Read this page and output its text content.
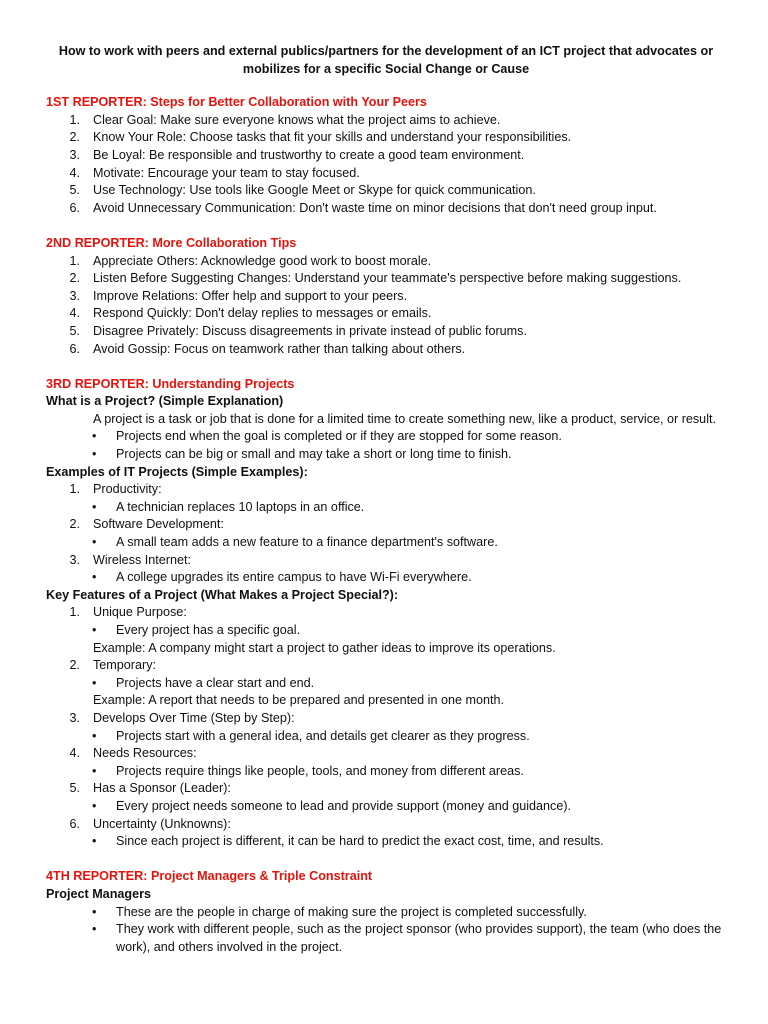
How to work with peers and external publics/partners for the development of an ICT project that advocates or mobilizes for a specific Social Change or Cause
1ST REPORTER: Steps for Better Collaboration with Your Peers
1.	Clear Goal: Make sure everyone knows what the project aims to achieve.
2.	Know Your Role: Choose tasks that fit your skills and understand your responsibilities.
3.	Be Loyal: Be responsible and trustworthy to create a good team environment.
4.	Motivate: Encourage your team to stay focused.
5.	Use Technology: Use tools like Google Meet or Skype for quick communication.
6.	Avoid Unnecessary Communication: Don't waste time on minor decisions that don't need group input.
2ND REPORTER: More Collaboration Tips
1.	Appreciate Others: Acknowledge good work to boost morale.
2.	Listen Before Suggesting Changes: Understand your teammate's perspective before making suggestions.
3.	Improve Relations: Offer help and support to your peers.
4.	Respond Quickly: Don't delay replies to messages or emails.
5.	Disagree Privately: Discuss disagreements in private instead of public forums.
6.	Avoid Gossip: Focus on teamwork rather than talking about others.
3RD REPORTER: Understanding Projects
What is a Project? (Simple Explanation)

A project is a task or job that is done for a limited time to create something new, like a product, service, or result.

•	Projects end when the goal is completed or if they are stopped for some reason.
•	Projects can be big or small and may take a short or long time to finish.
Examples of IT Projects (Simple Examples):
1.	Productivity:
•	A technician replaces 10 laptops in an office.
2.	Software Development:
•	A small team adds a new feature to a finance department's software.
3.	Wireless Internet:
•	A college upgrades its entire campus to have Wi-Fi everywhere.
Key Features of a Project (What Makes a Project Special?):
1.	Unique Purpose:
•	Every project has a specific goal.
Example: A company might start a project to gather ideas to improve its operations.
2.	Temporary:
•	Projects have a clear start and end.
Example: A report that needs to be prepared and presented in one month.
3.	Develops Over Time (Step by Step):
•	Projects start with a general idea, and details get clearer as they progress.
4.	Needs Resources:
•	Projects require things like people, tools, and money from different areas.
5.	Has a Sponsor (Leader):
•	Every project needs someone to lead and provide support (money and guidance).
6.	Uncertainty (Unknowns):
•	Since each project is different, it can be hard to predict the exact cost, time, and results.
4TH REPORTER: Project Managers & Triple Constraint
Project Managers
•	These are the people in charge of making sure the project is completed successfully.
•	They work with different people, such as the project sponsor (who provides support), the team (who does the work), and others involved in the project.
